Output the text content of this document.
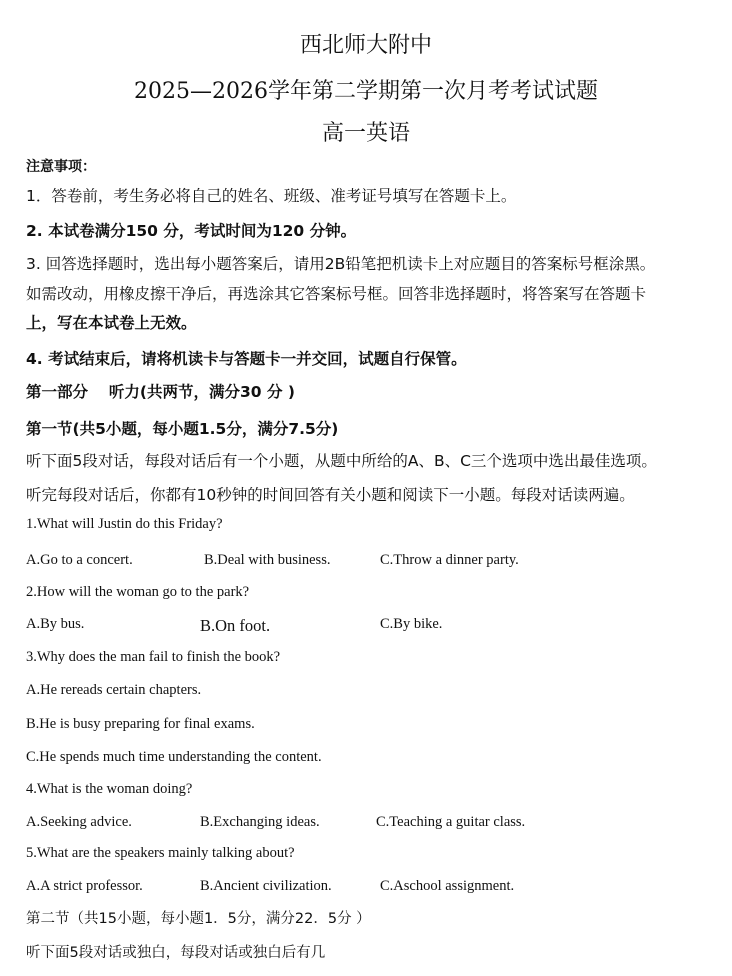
西北师大附中
2025—2026学年第二学期第一次月考考试试题
高一英语
注意事项：
1．答卷前，考生务必将自己的姓名、班级、准考证号填写在答题卡上。
2. 本试卷满分150 分，考试时间为120 分钟。
3. 回答选择题时，选出每小题答案后，请用2B铅笔把机读卡上对应题目的答案标号框涂黑。
如需改动，用橡皮擦干净后，再选涂其它答案标号框。回答非选择题时，将答案写在答题卡
上，写在本试卷上无效。
4. 考试结束后，请将机读卡与答题卡一并交回，试题自行保管。
第一部分　 听力(共两节，满分30 分 )
第一节(共5小题，每小题1.5分，满分7.5分)
听下面5段对话，每段对话后有一个小题，从题中所给的A、B、C三个选项中选出最佳选项。
听完每段对话后，你都有10秒钟的时间回答有关小题和阅读下一小题。每段对话读两遍。
1.What will Justin do this Friday?
A.Go to a concert.	B.Deal with business.	C.Throw a dinner party.
2.How will the woman go to the park?
A.By bus.	B.On foot.	C.By bike.
3.Why does the man fail to finish the book?
A.He rereads certain chapters.
B.He is busy preparing for final exams.
C.He spends much time understanding the content.
4.What is the woman doing?
A.Seeking advice.	B.Exchanging ideas.	C.Teaching a guitar class.
5.What are the speakers mainly talking about?
A.A strict professor.	B.Ancient civilization.	C.Aschool assignment.
第二节（共15小题，每小题1．5分，满分22．5分 ）
听下面5段对话或独白，每段对话或独白后有几
